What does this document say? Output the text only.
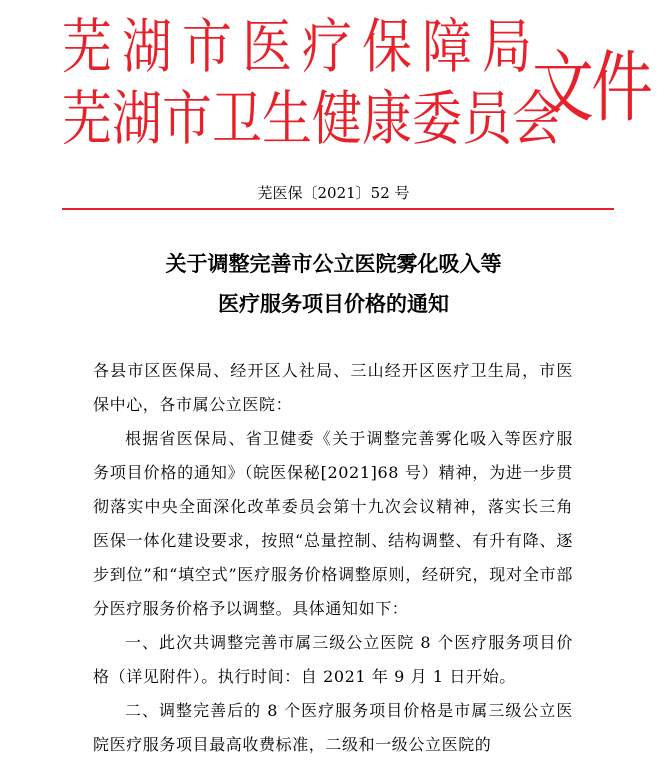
芜湖市医疗保障局
芜湖市卫生健康委员会
文件
芜医保〔2021〕52 号
关于调整完善市公立医院雾化吸入等
医疗服务项目价格的通知

各县市区医保局、经开区人社局、三山经开区医疗卫生局，市医保中心，各市属公立医院：

根据省医保局、省卫健委《关于调整完善雾化吸入等医疗服务项目价格的通知》（皖医保秘[2021]68 号）精神，为进一步贯彻落实中央全面深化改革委员会第十九次会议精神，落实长三角医保一体化建设要求，按照“总量控制、结构调整、有升有降、逐步到位”和“填空式”医疗服务价格调整原则，经研究，现对全市部分医疗服务价格予以调整。具体通知如下：

一、此次共调整完善市属三级公立医院 8 个医疗服务项目价格（详见附件）。执行时间：自 2021 年 9 月 1 日开始。

二、调整完善后的 8 个医疗服务项目价格是市属三级公立医院医疗服务项目最高收费标准，二级和一级公立医院的
